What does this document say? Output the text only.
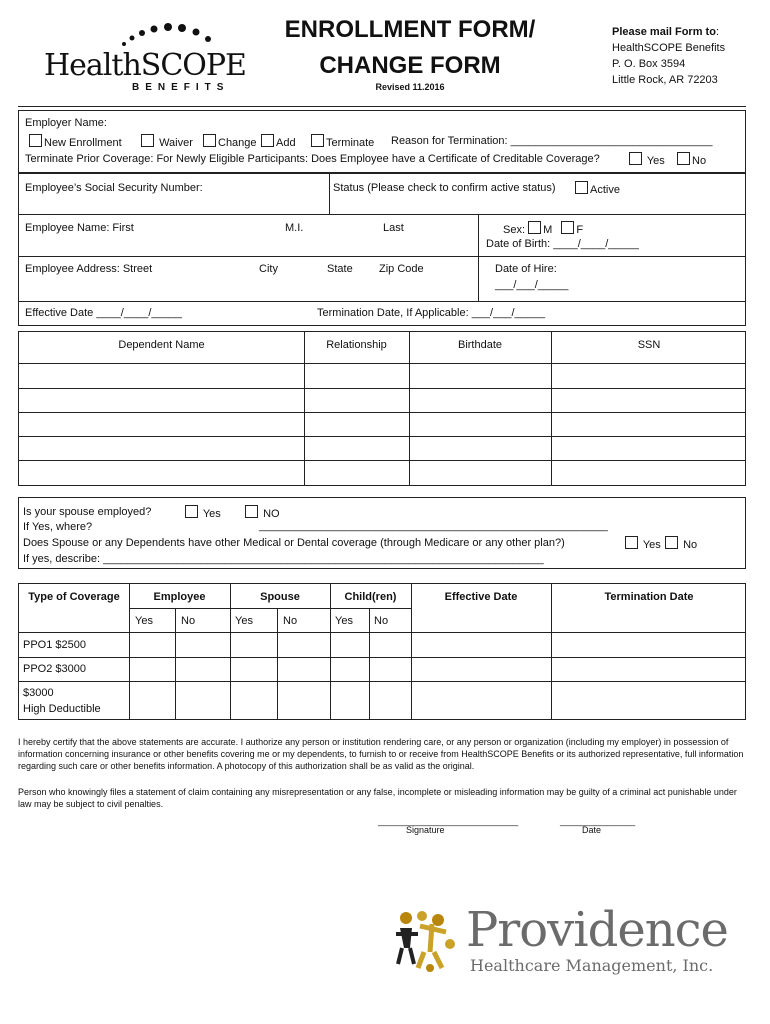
HealthSCOPE
BENEFITS
ENROLLMENT FORM/
CHANGE FORM
Revised 11.2016
Please mail Form to:
HealthSCOPE Benefits
P. O. Box 3594
Little Rock, AR 72203
Employer Name:
New Enrollment	Waiver	Change	Add	Terminate Reason for Termination: _________________________________
Terminate Prior Coverage: For Newly Eligible Participants: Does Employee have a Certificate of Creditable Coverage?	Yes	No
Employee’s Social Security Number:	Status (Please check to confirm active status)	Active
Employee Name: First	M.I.	Last	Sex: M F
Date of Birth: ____/____/_____
Employee Address: Street	City	State Zip Code	Date of Hire:
___/___/_____
Effective Date ____/____/_____	Termination Date, If Applicable: ___/___/_____
Dependent Name	Relationship	Birthdate	SSN
Is your spouse employed?	Yes	NO
If Yes, where?	_________________________________________________________
Does Spouse or any Dependents have other Medical or Dental coverage (through Medicare or any other plan?)	Yes	No
If yes, describe: ________________________________________________________________________
Type of Coverage	Employee	Spouse	Child(ren)	Effective Date	Termination Date
Yes	No	Yes	No	Yes No
PPO1 $2500
PPO2 $3000
$3000
High Deductible
I hereby certify that the above statements are accurate. I authorize any person or institution rendering care, or any person or organization (including my employer) in possession of information concerning insurance or other benefits covering me or my dependents, to furnish to or receive from HealthSCOPE Benefits or its authorized representative, full information regarding such care or other benefits information. A photocopy of this authorization shall be as valid as the original.
Person who knowingly files a statement of claim containing any misrepresentation or any false, incomplete or misleading information may be guilty of a criminal act punishable under law may be subject to civil penalties.
____________________________	_______________
Signature	Date
Providence
Healthcare Management, Inc.
